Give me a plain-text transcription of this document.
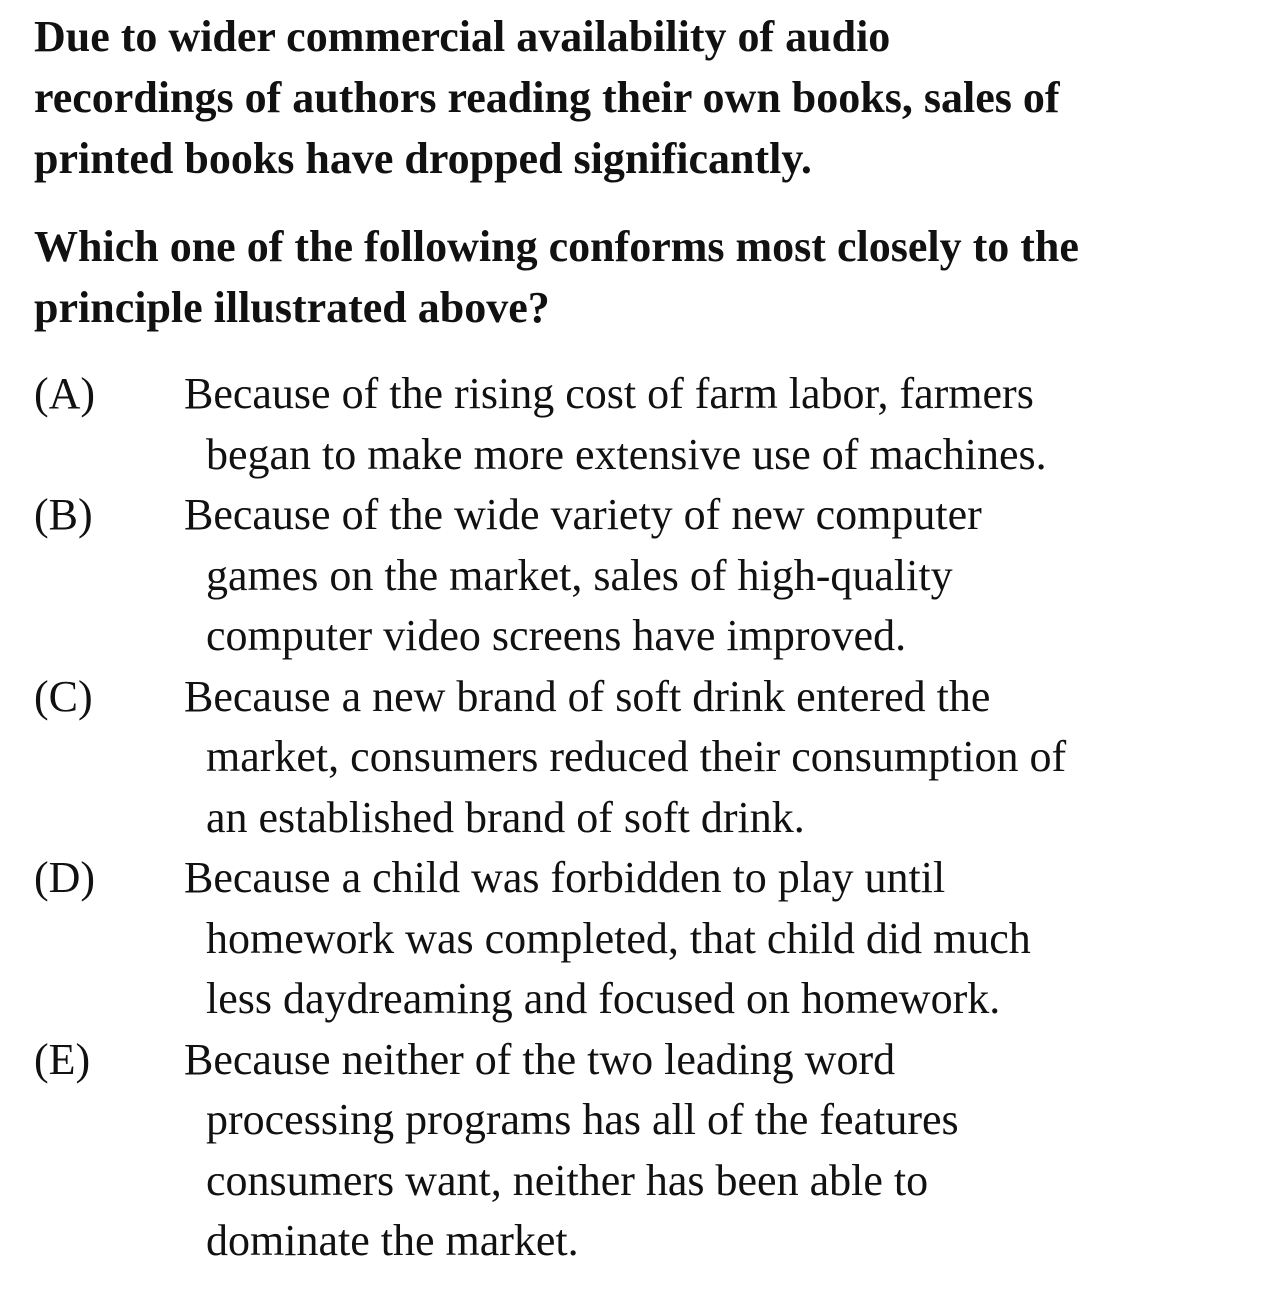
Due to wider commercial availability of audio
recordings of authors reading their own books, sales of
printed books have dropped significantly.
Which one of the following conforms most closely to the
principle illustrated above?
(A)	Because of the rising cost of farm labor, farmers
began to make more extensive use of machines.
(B)	Because of the wide variety of new computer
games on the market, sales of high-quality
computer video screens have improved.
(C)	Because a new brand of soft drink entered the
market, consumers reduced their consumption of
an established brand of soft drink.
(D)	Because a child was forbidden to play until
homework was completed, that child did much
less daydreaming and focused on homework.
(E)	Because neither of the two leading word
processing programs has all of the features
consumers want, neither has been able to
dominate the market.
